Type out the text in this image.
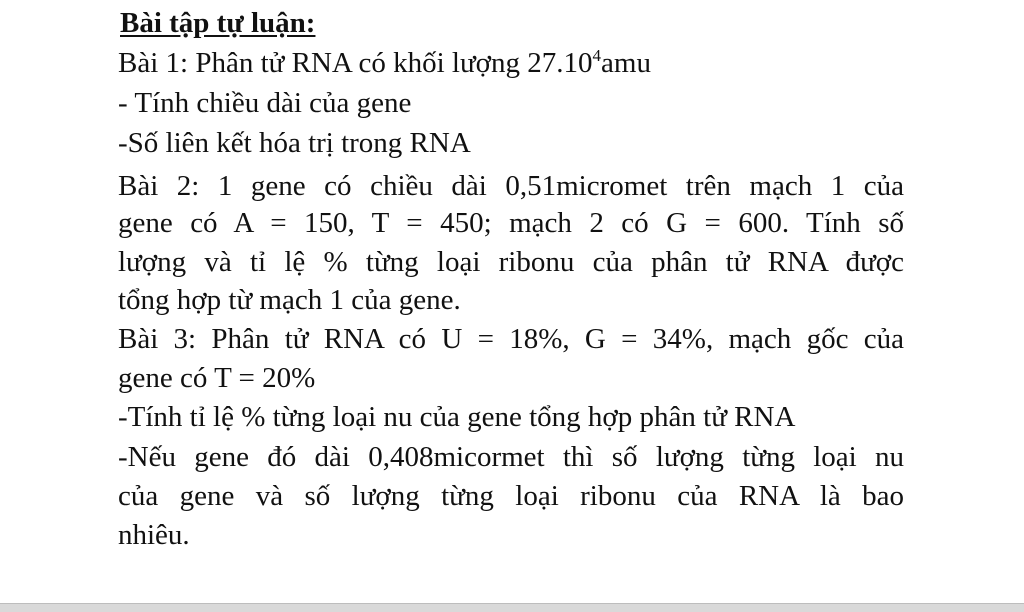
Bài tập tự luận:
Bài 1: Phân tử RNA có khối lượng 27.10$^4$amu
- Tính chiều dài của gene
-Số liên kết hóa trị trong RNA
Bài 2: 1 gene có chiều dài 0,51micromet trên mạch 1 của
gene có A = 150, T = 450; mạch 2 có G = 600. Tính số
lượng và tỉ lệ % từng loại ribonu của phân tử RNA được
tổng hợp từ mạch 1 của gene.
Bài 3: Phân tử RNA có U = 18%, G = 34%, mạch gốc của
gene có T = 20%
-Tính tỉ lệ % từng loại nu của gene tổng hợp phân tử RNA
-Nếu gene đó dài 0,408micormet thì số lượng từng loại nu
của gene và số lượng từng loại ribonu của RNA là bao
nhiêu.
